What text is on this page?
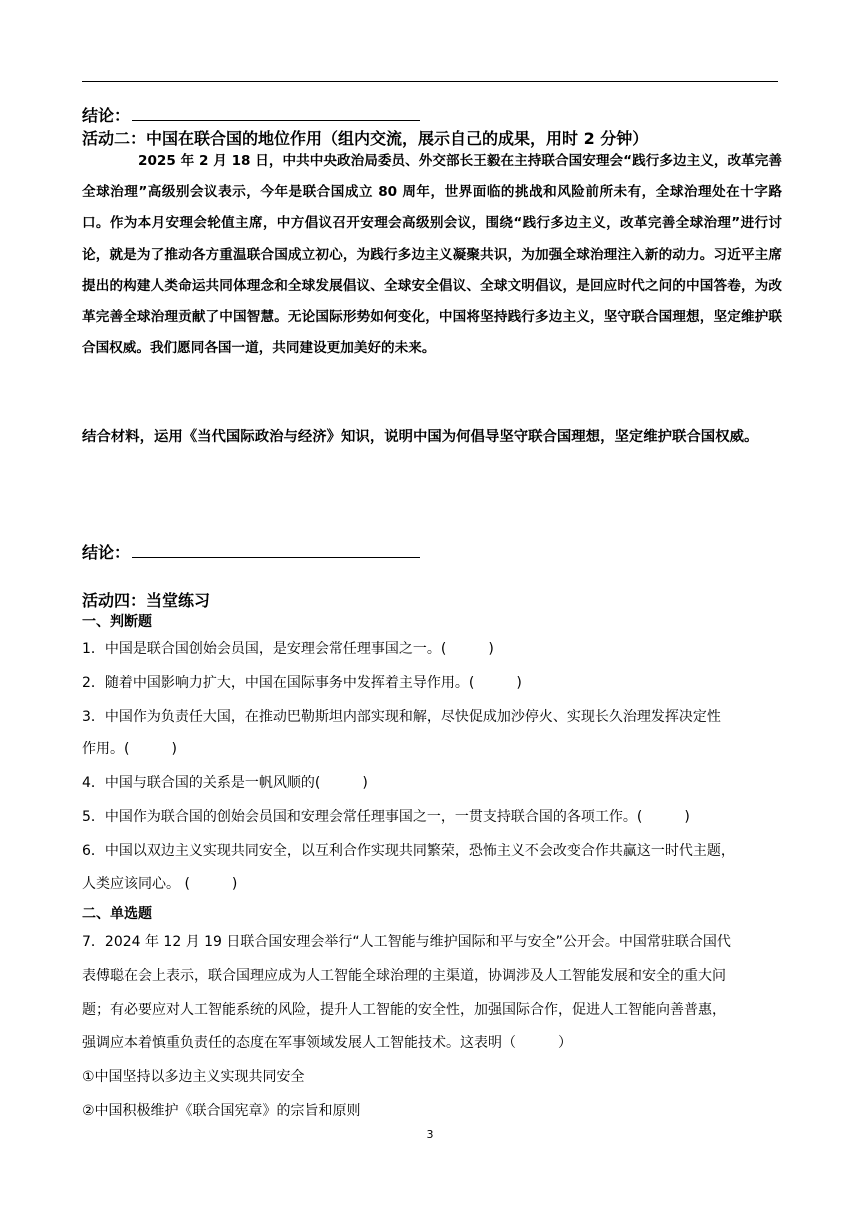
结论：
活动二：中国在联合国的地位作用（组内交流，展示自己的成果，用时 2 分钟）
2025 年 2 月 18 日，中共中央政治局委员、外交部长王毅在主持联合国安理会“践行多边主义，改革完善全球治理”高级别会议表示，今年是联合国成立 80 周年，世界面临的挑战和风险前所未有，全球治理处在十字路口。作为本月安理会轮值主席，中方倡议召开安理会高级别会议，围绕“践行多边主义，改革完善全球治理”进行讨论，就是为了推动各方重温联合国成立初心，为践行多边主义凝聚共识，为加强全球治理注入新的动力。习近平主席提出的构建人类命运共同体理念和全球发展倡议、全球安全倡议、全球文明倡议，是回应时代之问的中国答卷，为改革完善全球治理贡献了中国智慧。无论国际形势如何变化，中国将坚持践行多边主义，坚守联合国理想，坚定维护联合国权威。我们愿同各国一道，共同建设更加美好的未来。
结合材料，运用《当代国际政治与经济》知识，说明中国为何倡导坚守联合国理想，坚定维护联合国权威。
结论：
活动四：当堂练习
一、判断题
1．中国是联合国创始会员国，是安理会常任理事国之一。(　　　)
2．随着中国影响力扩大，中国在国际事务中发挥着主导作用。(　　　)
3．中国作为负责任大国，在推动巴勒斯坦内部实现和解，尽快促成加沙停火、实现长久治理发挥决定性
作用。(　　　)
4．中国与联合国的关系是一帆风顺的(　　　)
5．中国作为联合国的创始会员国和安理会常任理事国之一，一贯支持联合国的各项工作。(　　　)
6．中国以双边主义实现共同安全，以互利合作实现共同繁荣，恐怖主义不会改变合作共赢这一时代主题，
人类应该同心。 (　　　)
二、单选题
7．2024 年 12 月 19 日联合国安理会举行“人工智能与维护国际和平与安全”公开会。中国常驻联合国代
表傅聪在会上表示，联合国理应成为人工智能全球治理的主渠道，协调涉及人工智能发展和安全的重大问
题；有必要应对人工智能系统的风险，提升人工智能的安全性，加强国际合作，促进人工智能向善普惠，
强调应本着慎重负责任的态度在军事领域发展人工智能技术。这表明（　　　）
①中国坚持以多边主义实现共同安全
②中国积极维护《联合国宪章》的宗旨和原则
3
